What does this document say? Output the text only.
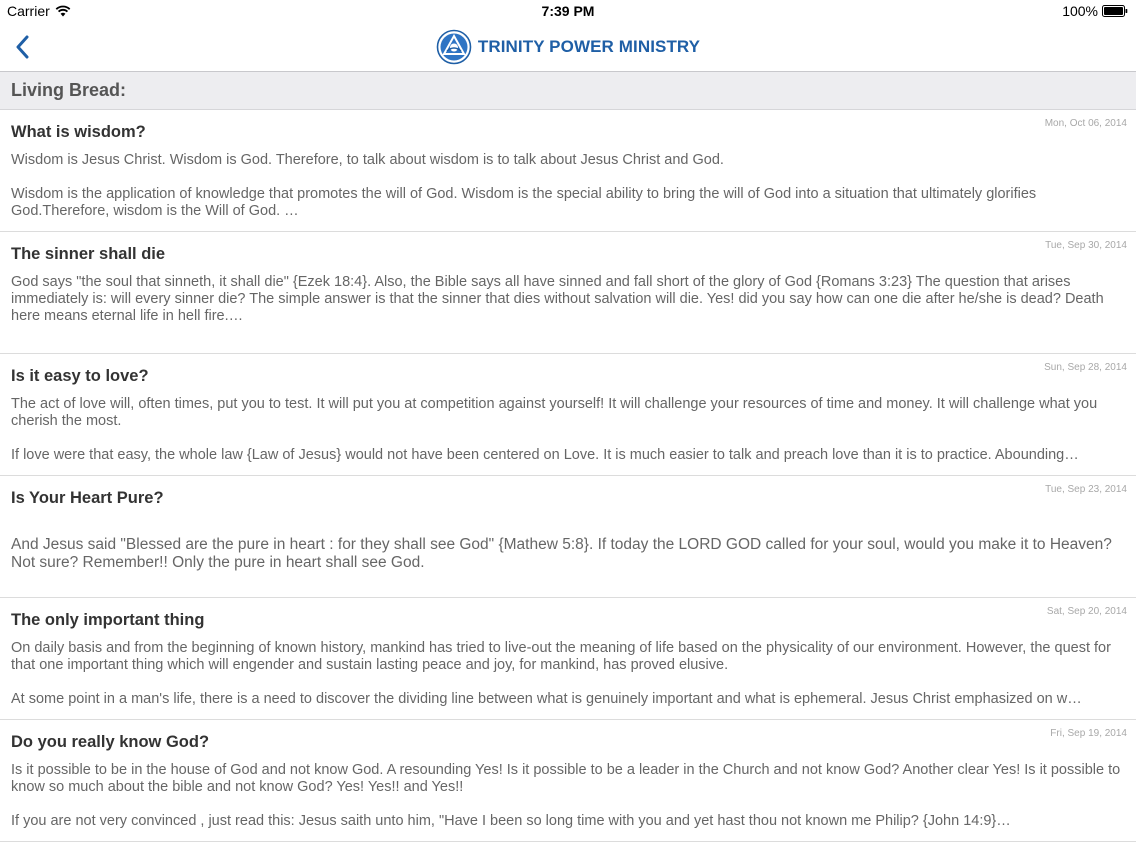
Carrier	7:39 PM	100%
TRINITY POWER MINISTRY
Living Bread:
Mon, Oct 06, 2014
What is wisdom?
Wisdom is Jesus Christ. Wisdom is God. Therefore, to talk about wisdom is to talk about Jesus Christ and God.

Wisdom is the application of knowledge that promotes the will of God. Wisdom is the special ability to bring the will of God into a situation that ultimately glorifies God.Therefore, wisdom is the Will of God. …
Tue, Sep 30, 2014
The sinner shall die
God says "the soul that sinneth, it shall die" {Ezek 18:4}. Also, the Bible says all have sinned and fall short of the glory of God {Romans 3:23} The question that arises immediately is: will every sinner die? The simple answer is that the sinner that dies without salvation will die. Yes! did you say how can one die after he/she is dead? Death here means eternal life in hell fire.…
Sun, Sep 28, 2014
Is it easy to love?
The act of love will, often times, put you to test. It will put you at competition against yourself! It will challenge your resources of time and money. It will challenge what you cherish the most.

If love were that easy, the whole law {Law of Jesus} would not have been centered on Love. It is much easier to talk and preach love than it is to practice. Abounding…
Tue, Sep 23, 2014
Is Your Heart Pure?

And Jesus said "Blessed are the pure in heart : for they shall see God" {Mathew 5:8}. If today the LORD GOD called for your soul, would you make it to Heaven? Not sure? Remember!! Only the pure in heart shall see God.
Sat, Sep 20, 2014
The only important thing
On daily basis and from the beginning of known history, mankind has tried to live-out the meaning of life based on the physicality of our environment. However, the quest for that one important thing which will engender and sustain lasting peace and joy, for mankind, has proved elusive.

At some point in a man's life, there is a need to discover the dividing line between what is genuinely important and what is ephemeral. Jesus Christ emphasized on w…
Fri, Sep 19, 2014
Do you really know God?
Is it possible to be in the house of God and not know God. A resounding Yes! Is it possible to be a leader in the Church and not know God? Another clear Yes! Is it possible to know so much about the bible and not know God? Yes! Yes!! and Yes!!

If you are not very convinced , just read this: Jesus saith unto him, "Have I been so long time with you and yet hast thou not known me Philip? {John 14:9}…
